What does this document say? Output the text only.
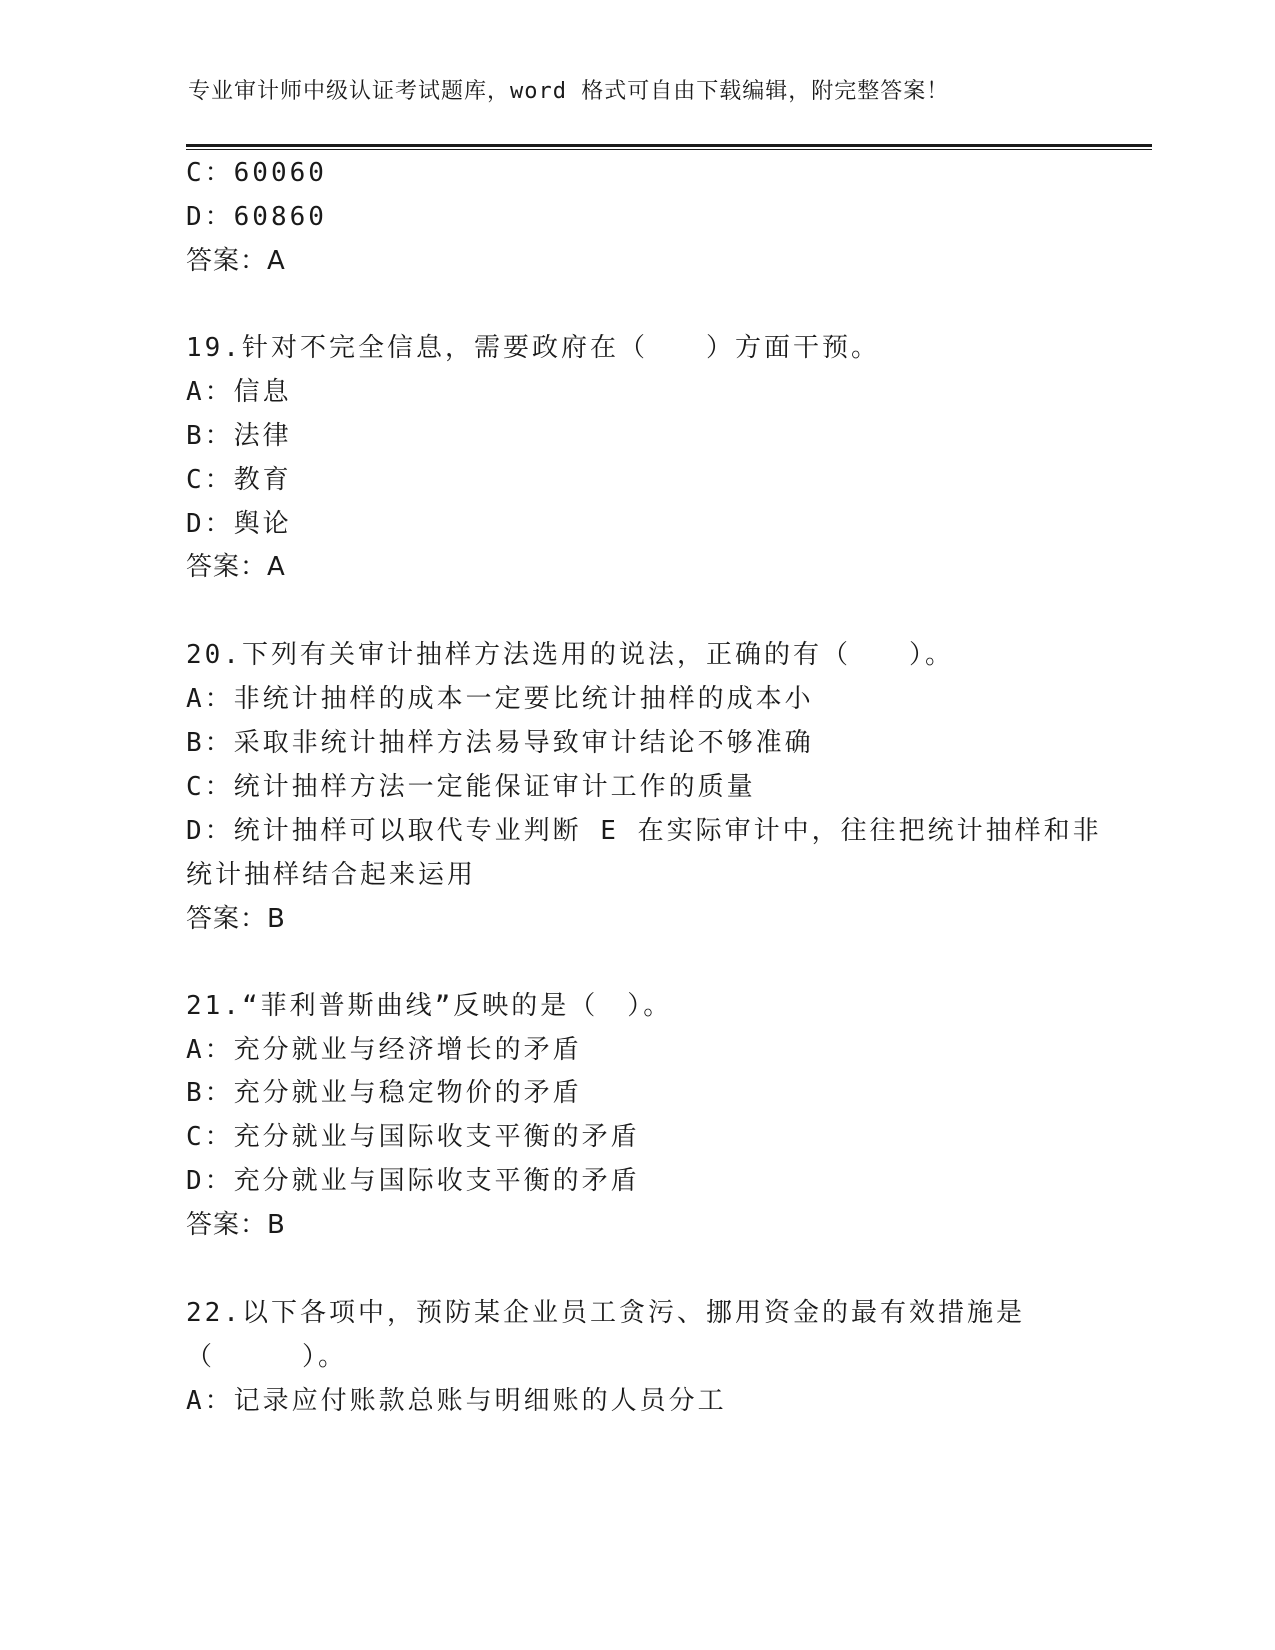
专业审计师中级认证考试题库，word 格式可自由下载编辑，附完整答案！
C：60060
D：60860
答案：A
19.针对不完全信息，需要政府在（　　）方面干预。
A：信息
B：法律
C：教育
D：舆论
答案：A
20.下列有关审计抽样方法选用的说法，正确的有（　　）。
A：非统计抽样的成本一定要比统计抽样的成本小
B：采取非统计抽样方法易导致审计结论不够准确
C：统计抽样方法一定能保证审计工作的质量
D：统计抽样可以取代专业判断 E 在实际审计中，往往把统计抽样和非
统计抽样结合起来运用
答案：B
21.“菲利普斯曲线”反映的是（　）。
A：充分就业与经济增长的矛盾
B：充分就业与稳定物价的矛盾
C：充分就业与国际收支平衡的矛盾
D：充分就业与国际收支平衡的矛盾
答案：B
22.以下各项中，预防某企业员工贪污、挪用资金的最有效措施是
（　　　）。
A：记录应付账款总账与明细账的人员分工
